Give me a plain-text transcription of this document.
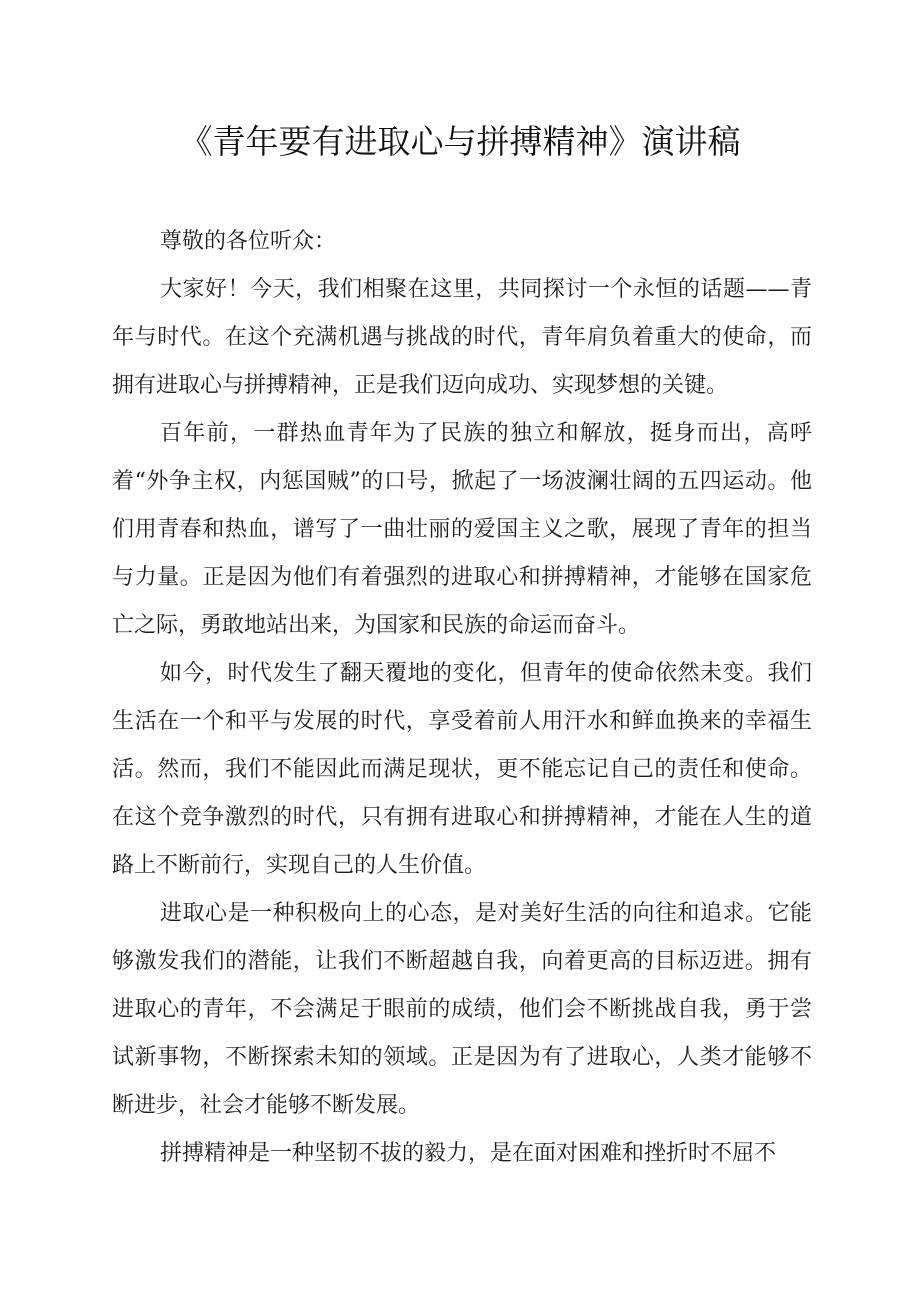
《青年要有进取心与拼搏精神》演讲稿

尊敬的各位听众：

大家好！今天，我们相聚在这里，共同探讨一个永恒的话题——青年与时代。在这个充满机遇与挑战的时代，青年肩负着重大的使命，而拥有进取心与拼搏精神，正是我们迈向成功、实现梦想的关键。

百年前，一群热血青年为了民族的独立和解放，挺身而出，高呼着“外争主权，内惩国贼”的口号，掀起了一场波澜壮阔的五四运动。他们用青春和热血，谱写了一曲壮丽的爱国主义之歌，展现了青年的担当与力量。正是因为他们有着强烈的进取心和拼搏精神，才能够在国家危亡之际，勇敢地站出来，为国家和民族的命运而奋斗。

如今，时代发生了翻天覆地的变化，但青年的使命依然未变。我们生活在一个和平与发展的时代，享受着前人用汗水和鲜血换来的幸福生活。然而，我们不能因此而满足现状，更不能忘记自己的责任和使命。在这个竞争激烈的时代，只有拥有进取心和拼搏精神，才能在人生的道路上不断前行，实现自己的人生价值。

进取心是一种积极向上的心态，是对美好生活的向往和追求。它能够激发我们的潜能，让我们不断超越自我，向着更高的目标迈进。拥有进取心的青年，不会满足于眼前的成绩，他们会不断挑战自我，勇于尝试新事物，不断探索未知的领域。正是因为有了进取心，人类才能够不断进步，社会才能够不断发展。

拼搏精神是一种坚韧不拔的毅力，是在面对困难和挫折时不屈不
